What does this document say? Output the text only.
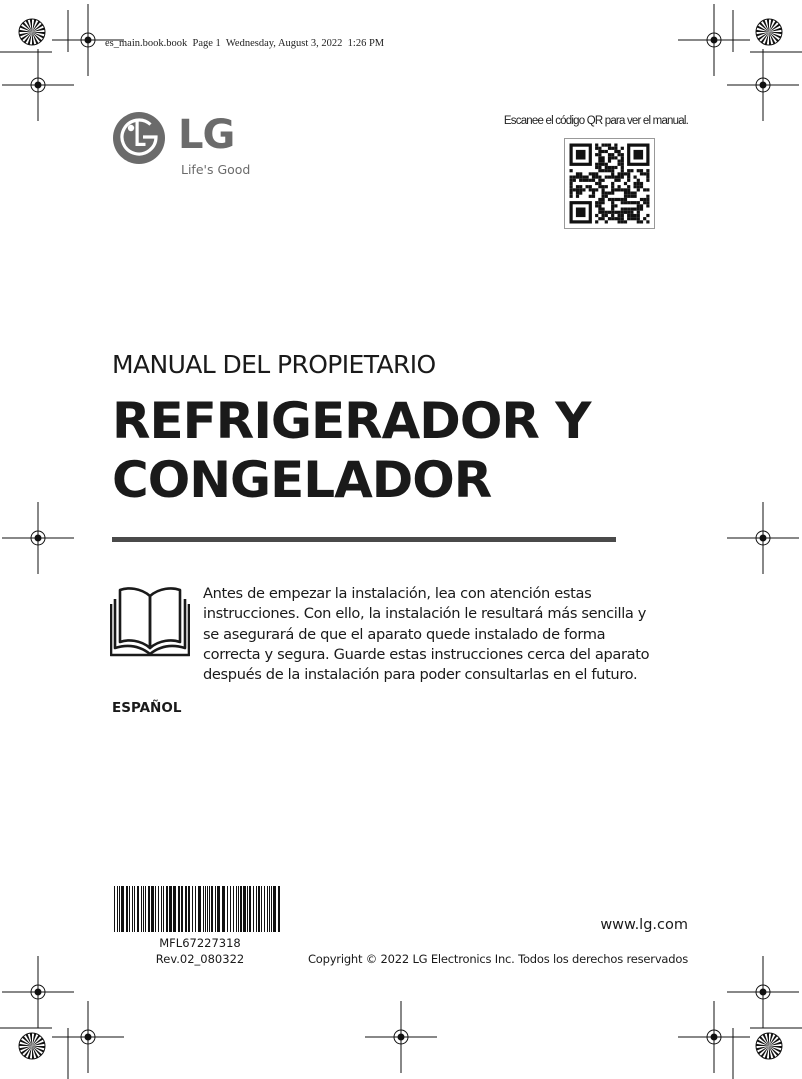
es_main.book.book  Page 1  Wednesday, August 3, 2022  1:26 PM
LG
Life's Good
Escanee el código QR para ver el manual.
MANUAL DEL PROPIETARIO
REFRIGERADOR Y
CONGELADOR
Antes de empezar la instalación, lea con atención estas
instrucciones. Con ello, la instalación le resultará más sencilla y
se asegurará de que el aparato quede instalado de forma
correcta y segura. Guarde estas instrucciones cerca del aparato
después de la instalación para poder consultarlas en el futuro.
ESPAÑOL
MFL67227318
Rev.02_080322
www.lg.com
Copyright © 2022 LG Electronics Inc. Todos los derechos reservados
